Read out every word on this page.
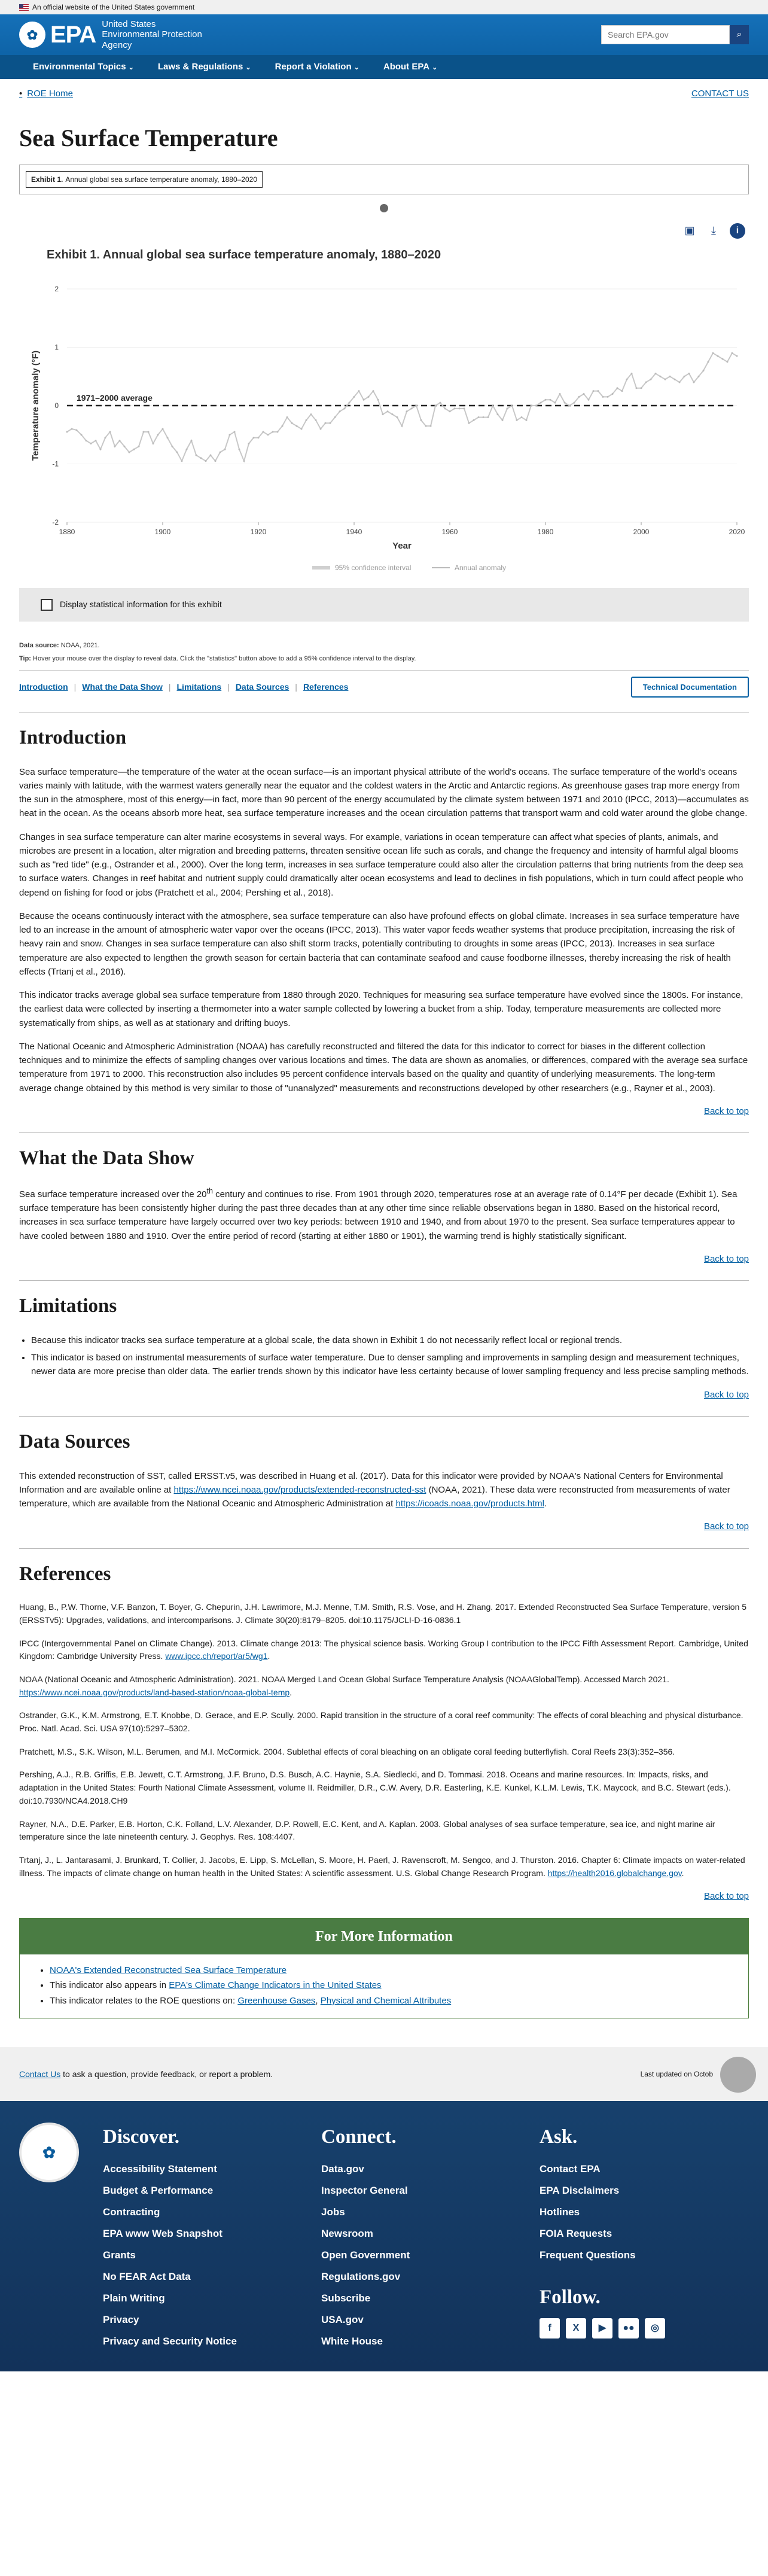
An official website of the United States government
✿ EPA United States Environmental Protection Agency
Search EPA.gov
⌕
Environmental Topics ⌄	Laws & Regulations ⌄	Report a Violation ⌄	About EPA ⌄
• ROE Home	CONTACT US
Sea Surface Temperature
Exhibit 1. Annual global sea surface temperature anomaly, 1880–2020
▣	⤓	i
Exhibit 1. Annual global sea surface temperature anomaly, 1880–2020
2
1
0
-1
-2
1880	1900	1920	1940	1960	1980	2000	2020
Year
Temperature anomaly (°F)	1971–2000 average
95% confidence interval	Annual anomaly
Display statistical information for this exhibit

Data source: NOAA, 2021.

Tip: Hover your mouse over the display to reveal data. Click the "statistics" button above to add a 95% confidence interval to the display.

Introduction | What the Data Show | Limitations | Data Sources | References	Technical Documentation
Introduction

Sea surface temperature—the temperature of the water at the ocean surface—is an important physical attribute of the world's oceans. The surface temperature of the world's oceans varies mainly with latitude, with the warmest waters generally near the equator and the coldest waters in the Arctic and Antarctic regions. As greenhouse gases trap more energy from the sun in the atmosphere, most of this energy—in fact, more than 90 percent of the energy accumulated by the climate system between 1971 and 2010 (IPCC, 2013)—accumulates as heat in the ocean. As the oceans absorb more heat, sea surface temperature increases and the ocean circulation patterns that transport warm and cold water around the globe change.

Changes in sea surface temperature can alter marine ecosystems in several ways. For example, variations in ocean temperature can affect what species of plants, animals, and microbes are present in a location, alter migration and breeding patterns, threaten sensitive ocean life such as corals, and change the frequency and intensity of harmful algal blooms such as "red tide" (e.g., Ostrander et al., 2000). Over the long term, increases in sea surface temperature could also alter the circulation patterns that bring nutrients from the deep sea to surface waters. Changes in reef habitat and nutrient supply could dramatically alter ocean ecosystems and lead to declines in fish populations, which in turn could affect people who depend on fishing for food or jobs (Pratchett et al., 2004; Pershing et al., 2018).

Because the oceans continuously interact with the atmosphere, sea surface temperature can also have profound effects on global climate. Increases in sea surface temperature have led to an increase in the amount of atmospheric water vapor over the oceans (IPCC, 2013). This water vapor feeds weather systems that produce precipitation, increasing the risk of heavy rain and snow. Changes in sea surface temperature can also shift storm tracks, potentially contributing to droughts in some areas (IPCC, 2013). Increases in sea surface temperature are also expected to lengthen the growth season for certain bacteria that can contaminate seafood and cause foodborne illnesses, thereby increasing the risk of health effects (Trtanj et al., 2016).

This indicator tracks average global sea surface temperature from 1880 through 2020. Techniques for measuring sea surface temperature have evolved since the 1800s. For instance, the earliest data were collected by inserting a thermometer into a water sample collected by lowering a bucket from a ship. Today, temperature measurements are collected more systematically from ships, as well as at stationary and drifting buoys.

The National Oceanic and Atmospheric Administration (NOAA) has carefully reconstructed and filtered the data for this indicator to correct for biases in the different collection techniques and to minimize the effects of sampling changes over various locations and times. The data are shown as anomalies, or differences, compared with the average sea surface temperature from 1971 to 2000. This reconstruction also includes 95 percent confidence intervals based on the quality and quantity of underlying measurements. The long-term average change obtained by this method is very similar to those of "unanalyzed" measurements and reconstructions developed by other researchers (e.g., Rayner et al., 2003).

Back to top
What the Data Show

Sea surface temperature increased over the 20th century and continues to rise. From 1901 through 2020, temperatures rose at an average rate of 0.14°F per decade (Exhibit 1). Sea surface temperature has been consistently higher during the past three decades than at any other time since reliable observations began in 1880. Based on the historical record, increases in sea surface temperature have largely occurred over two key periods: between 1910 and 1940, and from about 1970 to the present. Sea surface temperatures appear to have cooled between 1880 and 1910. Over the entire period of record (starting at either 1880 or 1901), the warming trend is highly statistically significant.

Back to top
Limitations
• Because this indicator tracks sea surface temperature at a global scale, the data shown in Exhibit 1 do not necessarily reflect local or regional trends.
• This indicator is based on instrumental measurements of surface water temperature. Due to denser sampling and improvements in sampling design and measurement techniques, newer data are more precise than older data. The earlier trends shown by this indicator have less certainty because of lower sampling frequency and less precise sampling methods.
Back to top
Data Sources

This extended reconstruction of SST, called ERSST.v5, was described in Huang et al. (2017). Data for this indicator were provided by NOAA's National Centers for Environmental Information and are available online at https://www.ncei.noaa.gov/products/extended-reconstructed-sst (NOAA, 2021). These data were reconstructed from measurements of water temperature, which are available from the National Oceanic and Atmospheric Administration at https://icoads.noaa.gov/products.html.

Back to top
References

Huang, B., P.W. Thorne, V.F. Banzon, T. Boyer, G. Chepurin, J.H. Lawrimore, M.J. Menne, T.M. Smith, R.S. Vose, and H. Zhang. 2017. Extended Reconstructed Sea Surface Temperature, version 5 (ERSSTv5): Upgrades, validations, and intercomparisons. J. Climate 30(20):8179–8205. doi:10.1175/JCLI-D-16-0836.1

IPCC (Intergovernmental Panel on Climate Change). 2013. Climate change 2013: The physical science basis. Working Group I contribution to the IPCC Fifth Assessment Report. Cambridge, United Kingdom: Cambridge University Press. www.ipcc.ch/report/ar5/wg1.

NOAA (National Oceanic and Atmospheric Administration). 2021. NOAA Merged Land Ocean Global Surface Temperature Analysis (NOAAGlobalTemp). Accessed March 2021. https://www.ncei.noaa.gov/products/land-based-station/noaa-global-temp.

Ostrander, G.K., K.M. Armstrong, E.T. Knobbe, D. Gerace, and E.P. Scully. 2000. Rapid transition in the structure of a coral reef community: The effects of coral bleaching and physical disturbance. Proc. Natl. Acad. Sci. USA 97(10):5297–5302.

Pratchett, M.S., S.K. Wilson, M.L. Berumen, and M.I. McCormick. 2004. Sublethal effects of coral bleaching on an obligate coral feeding butterflyfish. Coral Reefs 23(3):352–356.

Pershing, A.J., R.B. Griffis, E.B. Jewett, C.T. Armstrong, J.F. Bruno, D.S. Busch, A.C. Haynie, S.A. Siedlecki, and D. Tommasi. 2018. Oceans and marine resources. In: Impacts, risks, and adaptation in the United States: Fourth National Climate Assessment, volume II. Reidmiller, D.R., C.W. Avery, D.R. Easterling, K.E. Kunkel, K.L.M. Lewis, T.K. Maycock, and B.C. Stewart (eds.). doi:10.7930/NCA4.2018.CH9

Rayner, N.A., D.E. Parker, E.B. Horton, C.K. Folland, L.V. Alexander, D.P. Rowell, E.C. Kent, and A. Kaplan. 2003. Global analyses of sea surface temperature, sea ice, and night marine air temperature since the late nineteenth century. J. Geophys. Res. 108:4407.

Trtanj, J., L. Jantarasami, J. Brunkard, T. Collier, J. Jacobs, E. Lipp, S. McLellan, S. Moore, H. Paerl, J. Ravenscroft, M. Sengco, and J. Thurston. 2016. Chapter 6: Climate impacts on water-related illness. The impacts of climate change on human health in the United States: A scientific assessment. U.S. Global Change Research Program. https://health2016.globalchange.gov.

Back to top
For More Information
• NOAA's Extended Reconstructed Sea Surface Temperature
• This indicator also appears in EPA's Climate Change Indicators in the United States
• This indicator relates to the ROE questions on: Greenhouse Gases, Physical and Chemical Attributes
Contact Us to ask a question, provide feedback, or report a problem.	Last updated on Octob
✿
Discover.
Accessibility Statement
Budget & Performance
Contracting
EPA www Web Snapshot
Grants
No FEAR Act Data
Plain Writing
Privacy
Privacy and Security Notice
Connect.
Data.gov
Inspector General
Jobs
Newsroom
Open Government
Regulations.gov
Subscribe
USA.gov
White House
Ask.
Contact EPA
EPA Disclaimers
Hotlines
FOIA Requests
Frequent Questions
Follow.
f	X	▶	●●	◎
